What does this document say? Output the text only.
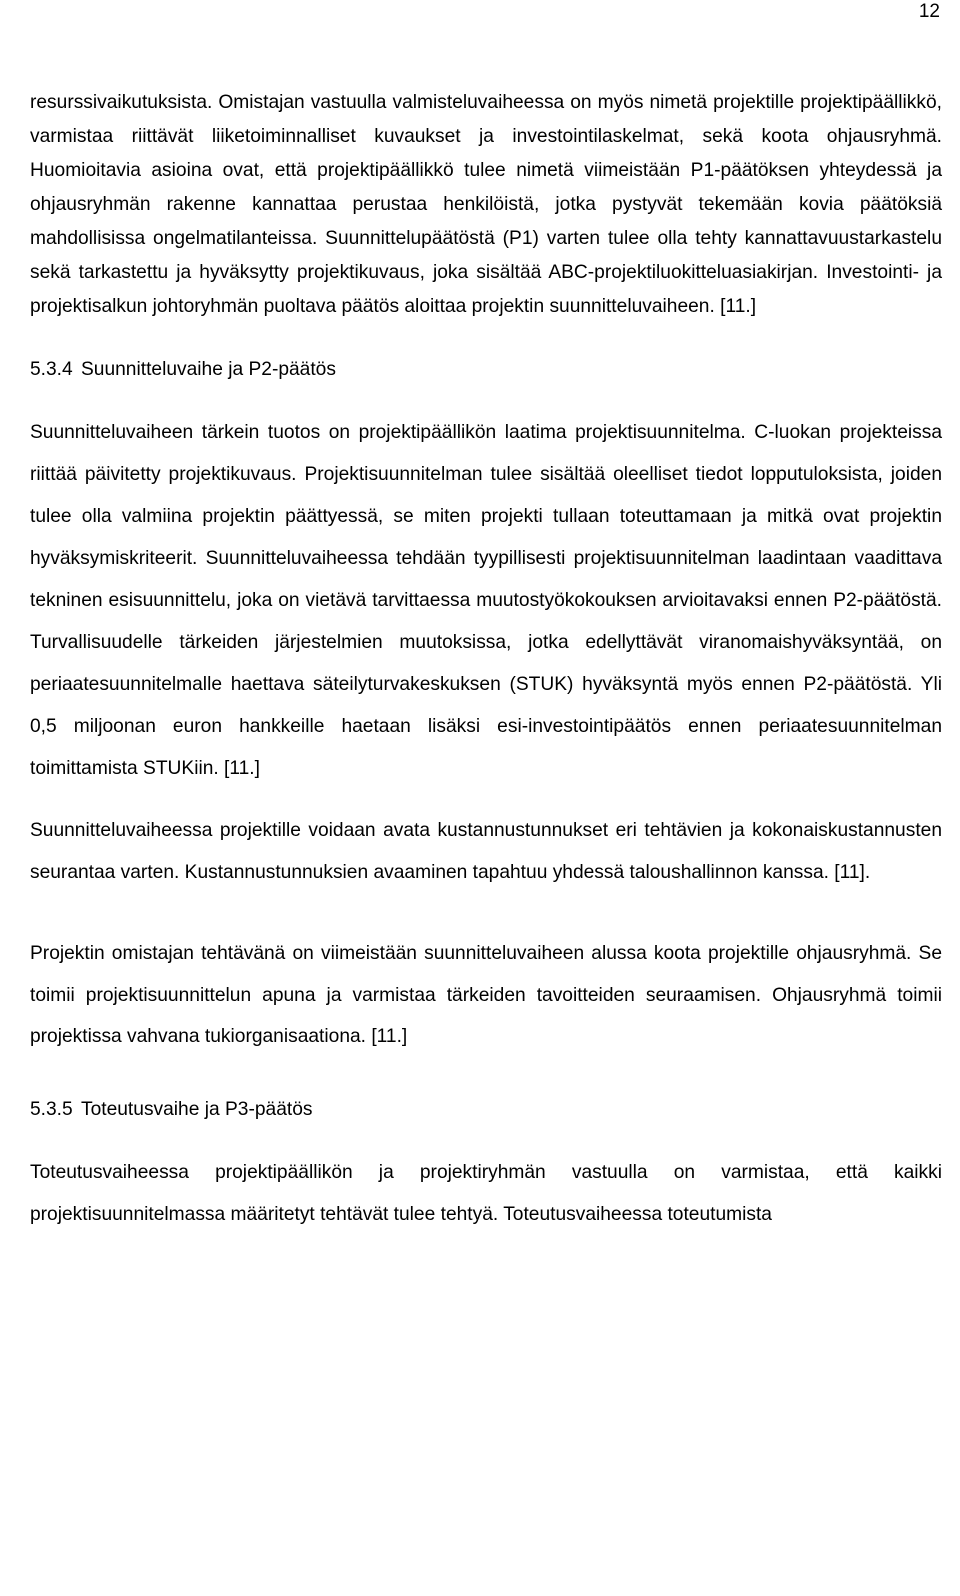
12

resurssivaikutuksista. Omistajan vastuulla valmisteluvaiheessa on myös nimetä projektille projektipäällikkö, varmistaa riittävät liiketoiminnalliset kuvaukset ja investointilaskelmat, sekä koota ohjausryhmä. Huomioitavia asioina ovat, että projektipäällikkö tulee nimetä viimeistään P1-päätöksen yhteydessä ja ohjausryhmän rakenne kannattaa perustaa henkilöistä, jotka pystyvät tekemään kovia päätöksiä mahdollisissa ongelmatilanteissa. Suunnittelupäätöstä (P1) varten tulee olla tehty kannattavuustarkastelu sekä tarkastettu ja hyväksytty projektikuvaus, joka sisältää ABC-projektiluokitteluasiakirjan. Investointi- ja projektisalkun johtoryhmän puoltava päätös aloittaa projektin suunnitteluvaiheen. [11.]

5.3.4 Suunnitteluvaihe ja P2-päätös

Suunnitteluvaiheen tärkein tuotos on projektipäällikön laatima projektisuunnitelma. C-luokan projekteissa riittää päivitetty projektikuvaus. Projektisuunnitelman tulee sisältää oleelliset tiedot lopputuloksista, joiden tulee olla valmiina projektin päättyessä, se miten projekti tullaan toteuttamaan ja mitkä ovat projektin hyväksymiskriteerit. Suunnitteluvaiheessa tehdään tyypillisesti projektisuunnitelman laadintaan vaadittava tekninen esisuunnittelu, joka on vietävä tarvittaessa muutostyökokouksen arvioitavaksi ennen P2-päätöstä. Turvallisuudelle tärkeiden järjestelmien muutoksissa, jotka edellyttävät viranomaishyväksyntää, on periaatesuunnitelmalle haettava säteilyturvakeskuksen (STUK) hyväksyntä myös ennen P2-päätöstä. Yli 0,5 miljoonan euron hankkeille haetaan lisäksi esi-investointipäätös ennen periaatesuunnitelman toimittamista STUKiin. [11.]

Suunnitteluvaiheessa projektille voidaan avata kustannustunnukset eri tehtävien ja kokonaiskustannusten seurantaa varten. Kustannustunnuksien avaaminen tapahtuu yhdessä taloushallinnon kanssa. [11].

Projektin omistajan tehtävänä on viimeistään suunnitteluvaiheen alussa koota projektille ohjausryhmä. Se toimii projektisuunnittelun apuna ja varmistaa tärkeiden tavoitteiden seuraamisen. Ohjausryhmä toimii projektissa vahvana tukiorganisaationa. [11.]

5.3.5 Toteutusvaihe ja P3-päätös

Toteutusvaiheessa projektipäällikön ja projektiryhmän vastuulla on varmistaa, että kaikki projektisuunnitelmassa määritetyt tehtävät tulee tehtyä. Toteutusvaiheessa toteutumista
